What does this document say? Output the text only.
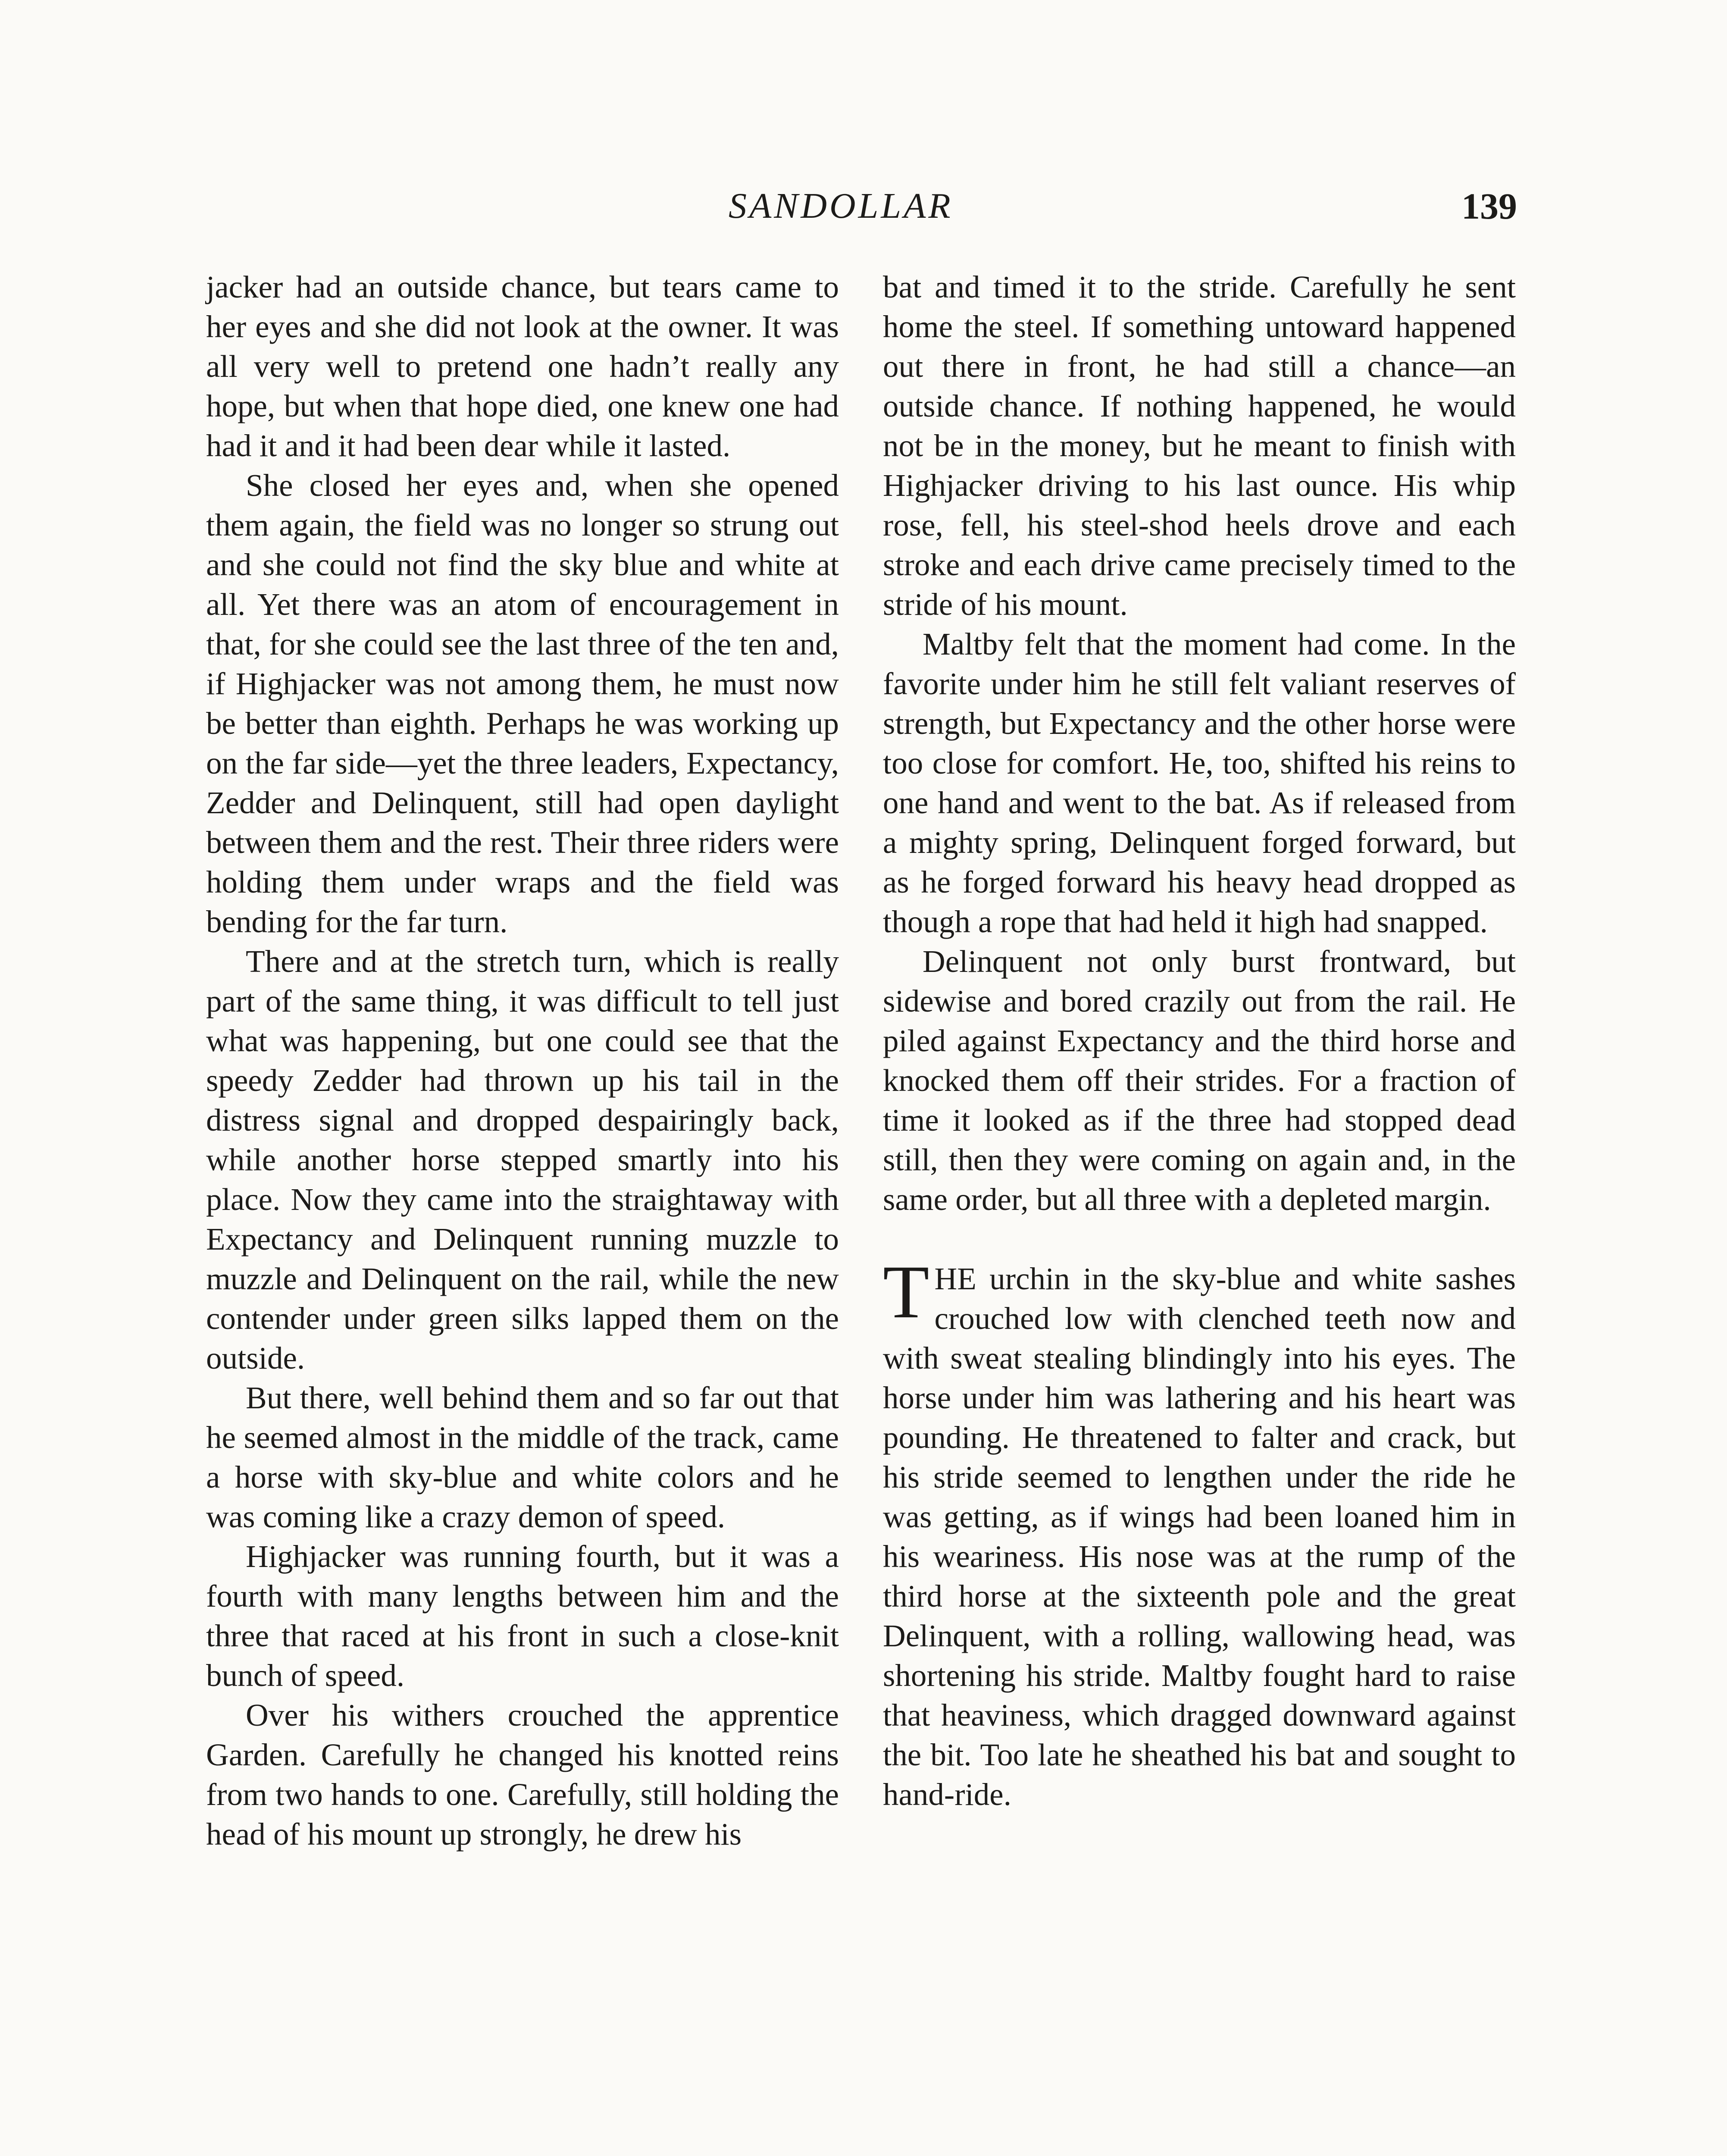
SANDOLLAR	139

jacker had an outside chance, but tears came to her eyes and she did not look at the owner. It was all very well to pretend one hadn’t really any hope, but when that hope died, one knew one had had it and it had been dear while it lasted.

She closed her eyes and, when she opened them again, the field was no longer so strung out and she could not find the sky blue and white at all. Yet there was an atom of encouragement in that, for she could see the last three of the ten and, if Highjacker was not among them, he must now be better than eighth. Perhaps he was working up on the far side—yet the three leaders, Expectancy, Zedder and Delinquent, still had open daylight between them and the rest. Their three riders were holding them under wraps and the field was bending for the far turn.

There and at the stretch turn, which is really part of the same thing, it was difficult to tell just what was happening, but one could see that the speedy Zedder had thrown up his tail in the distress signal and dropped despairingly back, while another horse stepped smartly into his place. Now they came into the straightaway with Expectancy and Delinquent running muzzle to muzzle and Delinquent on the rail, while the new contender under green silks lapped them on the outside.

But there, well behind them and so far out that he seemed almost in the middle of the track, came a horse with sky-blue and white colors and he was coming like a crazy demon of speed.

Highjacker was running fourth, but it was a fourth with many lengths between him and the three that raced at his front in such a close-knit bunch of speed.

Over his withers crouched the apprentice Garden. Carefully he changed his knotted reins from two hands to one. Carefully, still holding the head of his mount up strongly, he drew his

bat and timed it to the stride. Carefully he sent home the steel. If something untoward happened out there in front, he had still a chance—an outside chance. If nothing happened, he would not be in the money, but he meant to finish with Highjacker driving to his last ounce. His whip rose, fell, his steel-shod heels drove and each stroke and each drive came precisely timed to the stride of his mount.

Maltby felt that the moment had come. In the favorite under him he still felt valiant reserves of strength, but Expectancy and the other horse were too close for comfort. He, too, shifted his reins to one hand and went to the bat. As if released from a mighty spring, Delinquent forged forward, but as he forged forward his heavy head dropped as though a rope that had held it high had snapped.

Delinquent not only burst frontward, but sidewise and bored crazily out from the rail. He piled against Expectancy and the third horse and knocked them off their strides. For a fraction of time it looked as if the three had stopped dead still, then they were coming on again and, in the same order, but all three with a depleted margin.

THE urchin in the sky-blue and white sashes crouched low with clenched teeth now and with sweat stealing blindingly into his eyes. The horse under him was lathering and his heart was pounding. He threatened to falter and crack, but his stride seemed to lengthen under the ride he was getting, as if wings had been loaned him in his weariness. His nose was at the rump of the third horse at the sixteenth pole and the great Delinquent, with a rolling, wallowing head, was shortening his stride. Maltby fought hard to raise that heaviness, which dragged downward against the bit. Too late he sheathed his bat and sought to hand-ride.
